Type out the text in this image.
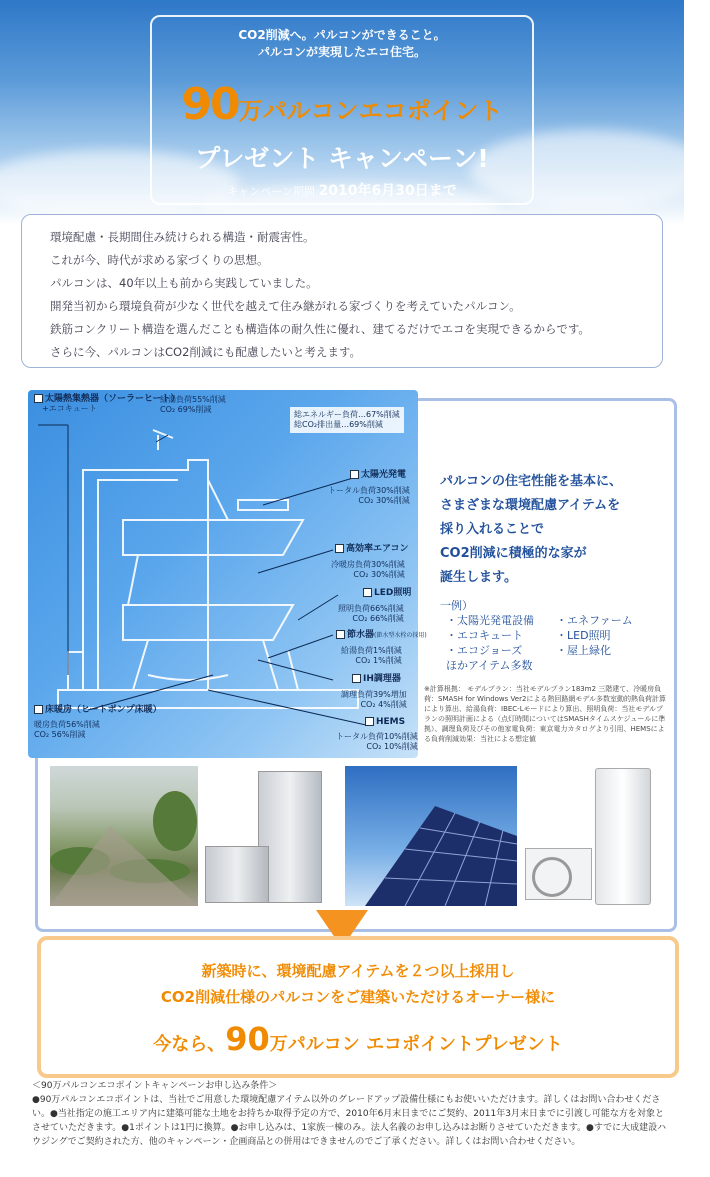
CO2削減へ。パルコンができること。
パルコンが実現したエコ住宅。
90万パルコンエコポイント
プレゼント キャンペーン!
キャンペーン期間 2010年6月30日まで

環境配慮・長期間住み続けられる構造・耐震害性。

これが今、時代が求める家づくりの思想。

パルコンは、40年以上も前から実践していました。

開発当初から環境負荷が少なく世代を越えて住み継がれる家づくりを考えていたパルコン。

鉄筋コンクリート構造を選んだことも構造体の耐久性に優れ、建てるだけでエコを実現できるからです。

さらに今、パルコンはCO2削減にも配慮したいと考えます。

太陽熱集熱器（ソーラーヒート）
+エコキュート
給湯負荷55%削減
CO₂ 69%削減
総エネルギー負荷…67%削減
総CO₂排出量…69%削減
太陽光発電
トータル負荷30%削減
CO₂ 30%削減
高効率エアコン
冷暖房負荷30%削減
CO₂ 30%削減
LED照明
照明負荷66%削減
CO₂ 66%削減
節水器(節水型水栓の採用)
給湯負荷1%削減
CO₂ 1%削減
IH調理器
調理負荷39%増加
CO₂ 4%削減
HEMS
トータル負荷10%削減
CO₂ 10%削減
床暖房（ヒートポンプ床暖）
暖房負荷56%削減
CO₂ 56%削減
パルコンの住宅性能を基本に、
さまざまな環境配慮アイテムを
採り入れることで
CO2削減に積極的な家が
誕生します。
一例）
・太陽光発電設備
・エコキュート
・エコジョーズ
ほかアイテム多数
・エネファーム
・LED照明
・屋上緑化
※計算根拠： モデルプラン：当社モデルプラン183m2 三階建て、冷暖房負荷：SMASH for Windows Ver2による熱回路網モデル多数室動的熱負荷計算により算出、給湯負荷：IBEC-Lモードにより算出、照明負荷：当社モデルプランの照明計画による（点灯時間についてはSMASHタイムスケジュールに準拠）、調理負荷及びその他家電負荷：東京電力カタログより引用、HEMSによる負荷削減効果：当社による想定値
新築時に、環境配慮アイテムを２つ以上採用し
CO2削減仕様のパルコンをご建築いただけるオーナー様に
今なら、90万パルコン エコポイントプレゼント
＜90万パルコンエコポイントキャンペーンお申し込み条件＞
●90万パルコンエコポイントは、当社でご用意した環境配慮アイテム以外のグレードアップ設備仕様にもお使いいただけます。詳しくはお問い合わせください。●当社指定の施工エリア内に建築可能な土地をお持ちか取得予定の方で、2010年6月末日までにご契約、2011年3月末日までに引渡し可能な方を対象とさせていただきます。●1ポイントは1円に換算。●お申し込みは、1家族一棟のみ。法人名義のお申し込みはお断りさせていただきます。●すでに大成建設ハウジングでご契約された方、他のキャンペーン・企画商品との併用はできませんのでご了承ください。詳しくはお問い合わせください。
